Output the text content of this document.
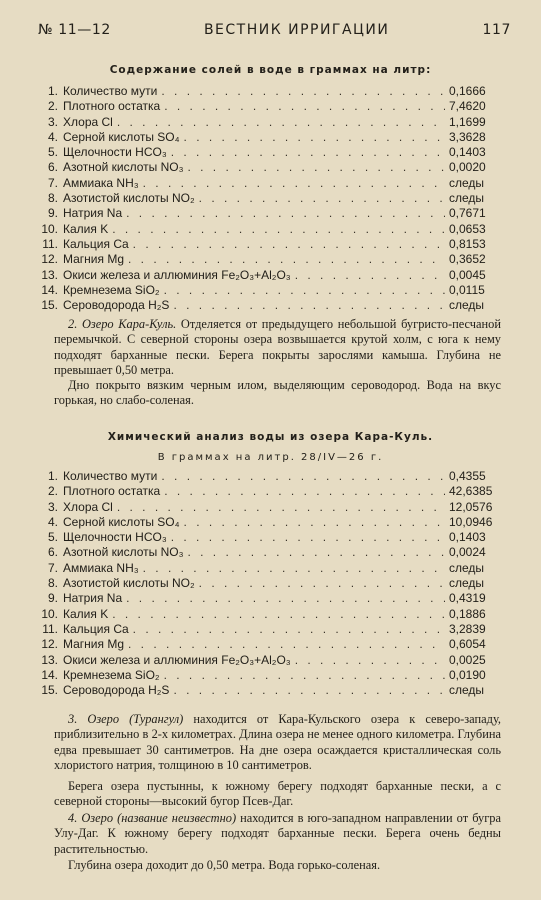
№ 11—12	ВЕСТНИК ИРРИГАЦИИ	117
Содержание солей в воде в граммах на литр:
1. Количество мути . . .	0,1666
2. Плотного остатка . . .	7,4620
3. Хлора Cl . . .	1,1699
4. Серной кислоты SO₄ . . .	3,3628
5. Щелочности HCO₃ . . .	0,1403
6. Азотной кислоты NO₃ . . .	0,0020
7. Аммиака NH₃ . . .	следы
8. Азотистой кислоты NO₂ . . .	следы
9. Натрия Na . . .	0,7671
10. Калия K . . .	0,0653
11. Кальция Ca . . .	0,8153
12. Магния Mg . . .	0,3652
13. Окиси железа и аллюминия Fe₂O₃+Al₂O₃ . . .	0,0045
14. Кремнезема SiO₂ . . .	0,0115
15. Сероводорода H₂S . . .	следы

2. Озеро Кара-Куль. Отделяется от предыдущего небольшой бугристо-песчаной перемычкой. С северной стороны озера возвышается крутой холм, с юга к нему подходят барханные пески. Берега покрыты зарослями камыша. Глубина не превышает 0,50 метра.

Дно покрыто вязким черным илом, выделяющим сероводород. Вода на вкус горькая, но слабо-соленая.

Химический анализ воды из озера Кара-Куль.
В граммах на литр. 28/IV—26 г.
1. Количество мути . . .	0,4355
2. Плотного остатка . . .	42,6385
3. Хлора Cl . . .	12,0576
4. Серной кислоты SO₄ . . .	10,0946
5. Щелочности HCO₃ . . .	0,1403
6. Азотной кислоты NO₃ . . .	0,0024
7. Аммиака NH₃ . . .	следы
8. Азотистой кислоты NO₂ . . .	следы
9. Натрия Na . . .	0,4319
10. Калия K . . .	0,1886
11. Кальция Ca . . .	3,2839
12. Магния Mg . . .	0,6054
13. Окиси железа и аллюминия Fe₂O₃+Al₂O₃ . . .	0,0025
14. Кремнезема SiO₂ . . .	0,0190
15. Сероводорода H₂S . . .	следы

3. Озеро (Турангул) находится от Кара-Кульского озера к северо-западу, приблизительно в 2-х километрах. Длина озера не менее одного километра. Глубина едва превышает 30 сантиметров. На дне озера осаждается кристаллическая соль хлористого натрия, толщиною в 10 сантиметров.

Берега озера пустынны, к южному берегу подходят барханные пески, а с северной стороны—высокий бугор Псев-Даг.

4. Озеро (название неизвестно) находится в юго-западном направлении от бугра Улу-Даг. К южному берегу подходят барханные пески. Берега очень бедны растительностью.

Глубина озера доходит до 0,50 метра. Вода горько-соленая.
